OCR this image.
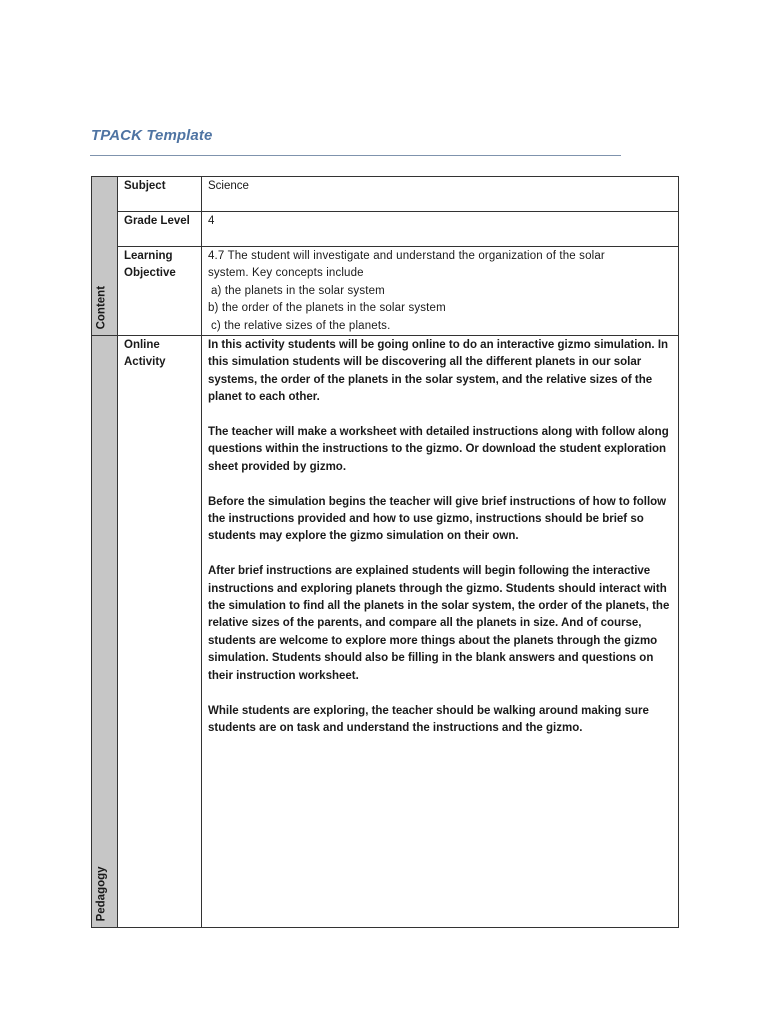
TPACK Template
Content	Subject	Science

	Grade Level	4

	Learning Objective	4.7 The student will investigate and understand the organization of the solar
system. Key concepts include
a) the planets in the solar system
b) the order of the planets in the solar system
c) the relative sizes of the planets.

Pedagogy	Online Activity	In this activity students will be going online to do an interactive gizmo simulation. In this simulation students will be discovering all the different planets in our solar systems, the order of the planets in the solar system, and the relative sizes of the planet to each other.

The teacher will make a worksheet with detailed instructions along with follow along questions within the instructions to the gizmo. Or download the student exploration sheet provided by gizmo.

Before the simulation begins the teacher will give brief instructions of how to follow the instructions provided and how to use gizmo, instructions should be brief so students may explore the gizmo simulation on their own.

After brief instructions are explained students will begin following the interactive instructions and exploring planets through the gizmo. Students should interact with the simulation to find all the planets in the solar system, the order of the planets, the relative sizes of the parents, and compare all the planets in size. And of course, students are welcome to explore more things about the planets through the gizmo simulation. Students should also be filling in the blank answers and questions on their instruction worksheet.

While students are exploring, the teacher should be walking around making sure students are on task and understand the instructions and the gizmo.
